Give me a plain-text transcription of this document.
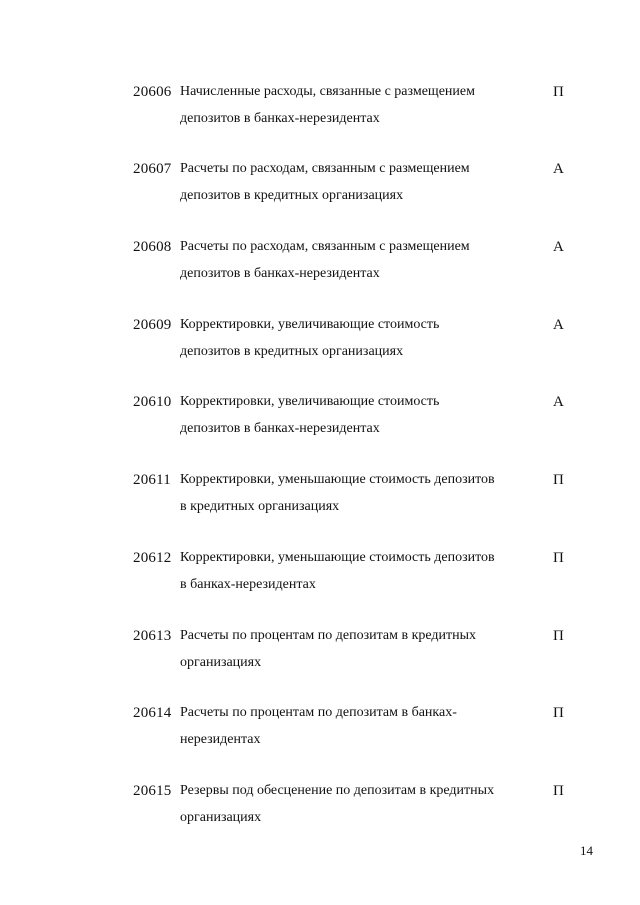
20606 Начисленные расходы, связанные с размещением
депозитов в банках-нерезидентах
П
20607 Расчеты по расходам, связанным с размещением
депозитов в кредитных организациях
А
20608 Расчеты по расходам, связанным с размещением
депозитов в банках-нерезидентах
А
20609 Корректировки, увеличивающие стоимость
депозитов в кредитных организациях
А
20610 Корректировки, увеличивающие стоимость
депозитов в банках-нерезидентах
А
20611 Корректировки, уменьшающие стоимость депозитов
в кредитных организациях
П
20612 Корректировки, уменьшающие стоимость депозитов
в банках-нерезидентах
П
20613 Расчеты по процентам по депозитам в кредитных
организациях
П
20614 Расчеты по процентам по депозитам в банках-
нерезидентах
П
20615 Резервы под обесценение по депозитам в кредитных
организациях
П
14
